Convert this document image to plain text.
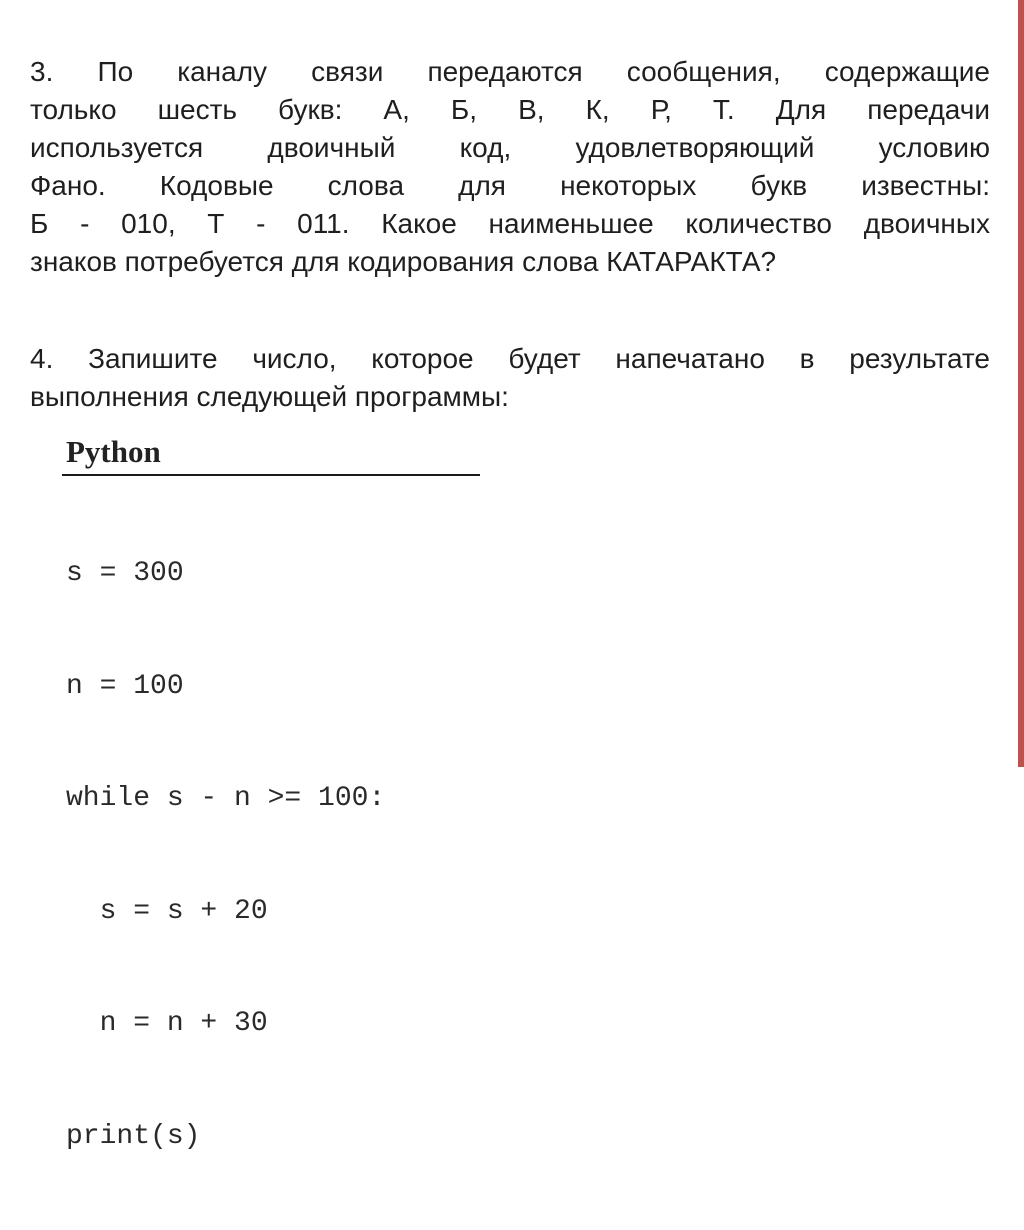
3. По каналу связи передаются сообщения, содержащие
только шесть букв: А, Б, В, К, Р, Т. Для передачи
используется двоичный код, удовлетворяющий условию
Фано. Кодовые слова для некоторых букв известны:
Б - 010, Т - 011. Какое наименьшее количество двоичных
знаков потребуется для кодирования слова КАТАРАКТА?
4. Запишите число, которое будет напечатано в результате
выполнения следующей программы:
Python

s = 300

n = 100

while s - n >= 100:

s = s + 20

n = n + 30

print(s)
